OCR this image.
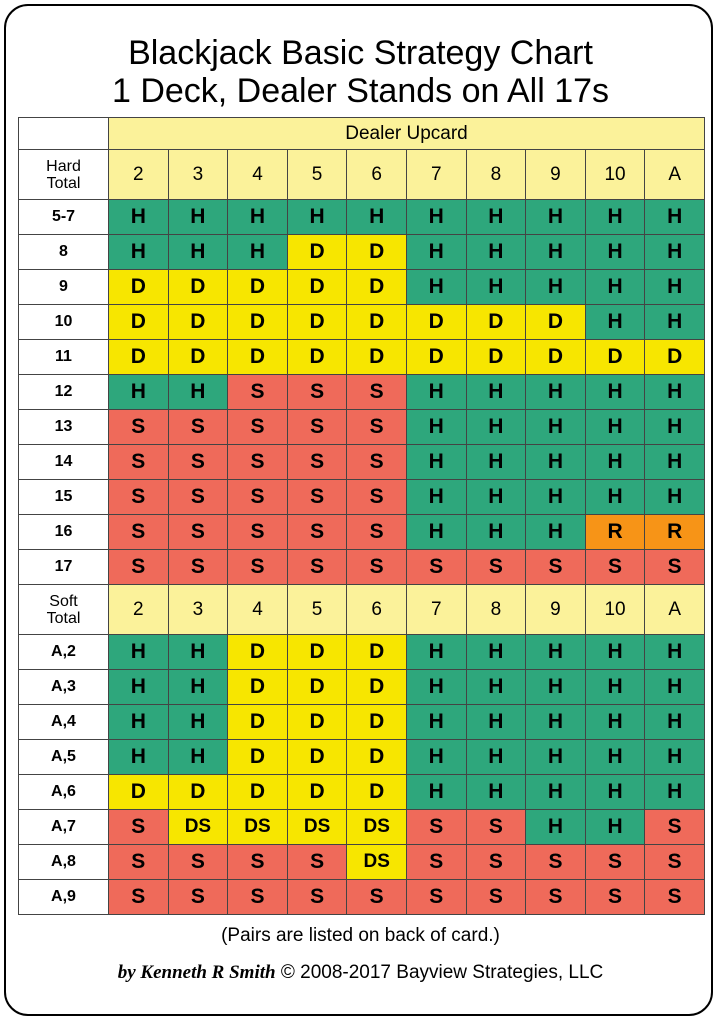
Blackjack Basic Strategy Chart
1 Deck, Dealer Stands on All 17s
	Dealer Upcard									
Hard
Total	2	3	4	5	6	7	8	9	10	A
5-7	H	H	H	H	H	H	H	H	H	H
8	H	H	H	D	D	H	H	H	H	H
9	D	D	D	D	D	H	H	H	H	H
10	D	D	D	D	D	D	D	D	H	H
11	D	D	D	D	D	D	D	D	D	D
12	H	H	S	S	S	H	H	H	H	H
13	S	S	S	S	S	H	H	H	H	H
14	S	S	S	S	S	H	H	H	H	H
15	S	S	S	S	S	H	H	H	H	H
16	S	S	S	S	S	H	H	H	R	R
17	S	S	S	S	S	S	S	S	S	S
Soft
Total	2	3	4	5	6	7	8	9	10	A
A,2	H	H	D	D	D	H	H	H	H	H
A,3	H	H	D	D	D	H	H	H	H	H
A,4	H	H	D	D	D	H	H	H	H	H
A,5	H	H	D	D	D	H	H	H	H	H
A,6	D	D	D	D	D	H	H	H	H	H
A,7	S	DS	DS	DS	DS	S	S	H	H	S
A,8	S	S	S	S	DS	S	S	S	S	S
A,9	S	S	S	S	S	S	S	S	S	S
(Pairs are listed on back of card.)
by Kenneth R Smith © 2008-2017 Bayview Strategies, LLC
